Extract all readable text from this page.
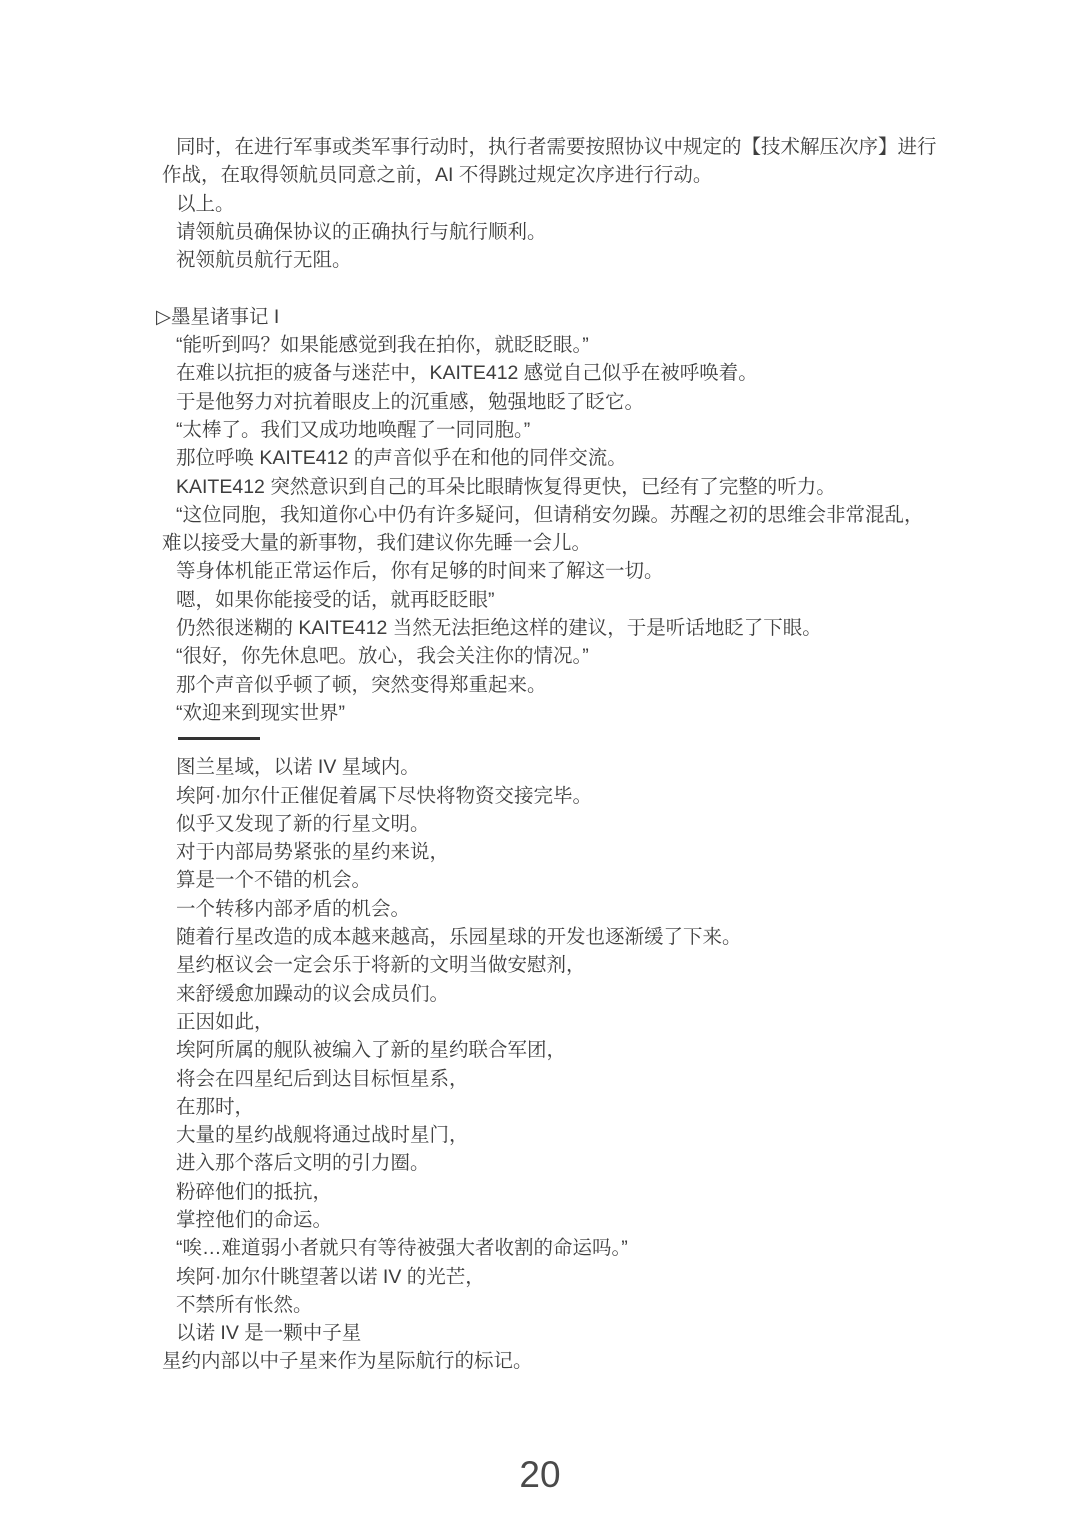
同时，在进行军事或类军事行动时，执行者需要按照协议中规定的【技术解压次序】进行
作战，在取得领航员同意之前，AI 不得跳过规定次序进行行动。
以上。
请领航员确保协议的正确执行与航行顺利。
祝领航员航行无阻。
▷墨星诸事记 I
“能听到吗？如果能感觉到我在拍你，就眨眨眼。”
在难以抗拒的疲备与迷茫中，KAITE412 感觉自己似乎在被呼唤着。
于是他努力对抗着眼皮上的沉重感，勉强地眨了眨它。
“太棒了。我们又成功地唤醒了一同同胞。”
那位呼唤 KAITE412 的声音似乎在和他的同伴交流。
KAITE412 突然意识到自己的耳朵比眼睛恢复得更快，已经有了完整的听力。
“这位同胞，我知道你心中仍有许多疑问，但请稍安勿躁。苏醒之初的思维会非常混乱，
难以接受大量的新事物，我们建议你先睡一会儿。
等身体机能正常运作后，你有足够的时间来了解这一切。
嗯，如果你能接受的话，就再眨眨眼”
仍然很迷糊的 KAITE412 当然无法拒绝这样的建议，于是听话地眨了下眼。
“很好，你先休息吧。放心，我会关注你的情况。”
那个声音似乎顿了顿，突然变得郑重起来。
“欢迎来到现实世界”
图兰星域，以诺 IV 星域内。
埃阿·加尔什正催促着属下尽快将物资交接完毕。
似乎又发现了新的行星文明。
对于内部局势紧张的星约来说，
算是一个不错的机会。
一个转移内部矛盾的机会。
随着行星改造的成本越来越高，乐园星球的开发也逐渐缓了下来。
星约枢议会一定会乐于将新的文明当做安慰剂，
来舒缓愈加躁动的议会成员们。
正因如此，
埃阿所属的舰队被编入了新的星约联合军团，
将会在四星纪后到达目标恒星系，
在那时，
大量的星约战舰将通过战时星门，
进入那个落后文明的引力圈。
粉碎他们的抵抗，
掌控他们的命运。
“唉…难道弱小者就只有等待被强大者收割的命运吗。”
埃阿·加尔什眺望著以诺 IV 的光芒，
不禁所有怅然。
以诺 IV 是一颗中子星
星约内部以中子星来作为星际航行的标记。
20
